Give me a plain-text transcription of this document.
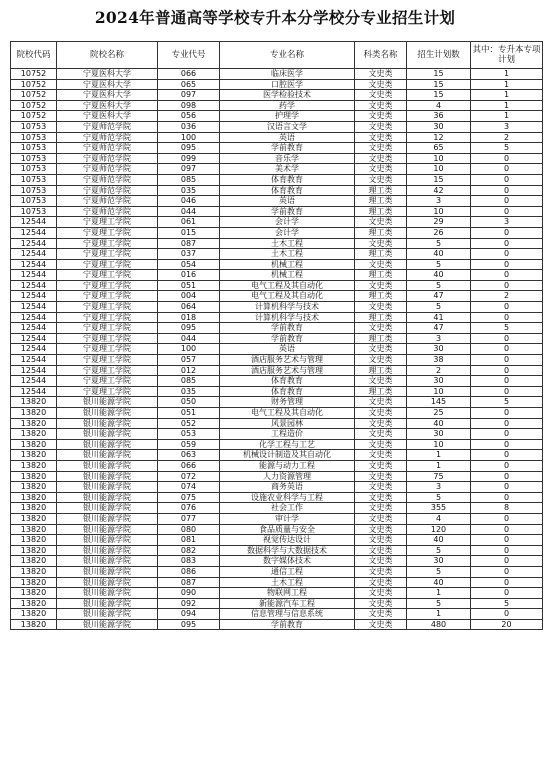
2024年普通高等学校专升本分学校分专业招生计划
院校代码	院校名称	专业代号	专业名称	科类名称	招生计划数	其中：专升本专项计划
10752	宁夏医科大学	066	临床医学	文史类	15	1
10752	宁夏医科大学	065	口腔医学	文史类	15	1
10752	宁夏医科大学	097	医学检验技术	文史类	15	1
10752	宁夏医科大学	098	药学	文史类	4	1
10752	宁夏医科大学	056	护理学	文史类	36	1
10753	宁夏师范学院	036	汉语言文学	文史类	30	3
10753	宁夏师范学院	100	英语	文史类	12	2
10753	宁夏师范学院	095	学前教育	文史类	65	5
10753	宁夏师范学院	099	音乐学	文史类	10	0
10753	宁夏师范学院	097	美术学	文史类	10	0
10753	宁夏师范学院	085	体育教育	文史类	15	0
10753	宁夏师范学院	035	体育教育	理工类	42	0
10753	宁夏师范学院	046	英语	理工类	3	0
10753	宁夏师范学院	044	学前教育	理工类	10	0
12544	宁夏理工学院	061	会计学	文史类	29	3
12544	宁夏理工学院	015	会计学	理工类	26	0
12544	宁夏理工学院	087	土木工程	文史类	5	0
12544	宁夏理工学院	037	土木工程	理工类	40	0
12544	宁夏理工学院	054	机械工程	文史类	5	0
12544	宁夏理工学院	016	机械工程	理工类	40	0
12544	宁夏理工学院	051	电气工程及其自动化	文史类	5	0
12544	宁夏理工学院	004	电气工程及其自动化	理工类	47	2
12544	宁夏理工学院	064	计算机科学与技术	文史类	5	0
12544	宁夏理工学院	018	计算机科学与技术	理工类	41	0
12544	宁夏理工学院	095	学前教育	文史类	47	5
12544	宁夏理工学院	044	学前教育	理工类	3	0
12544	宁夏理工学院	100	英语	文史类	30	0
12544	宁夏理工学院	057	酒店服务艺术与管理	文史类	38	0
12544	宁夏理工学院	012	酒店服务艺术与管理	理工类	2	0
12544	宁夏理工学院	085	体育教育	文史类	30	0
12544	宁夏理工学院	035	体育教育	理工类	10	0
13820	银川能源学院	050	财务管理	文史类	145	5
13820	银川能源学院	051	电气工程及其自动化	文史类	25	0
13820	银川能源学院	052	风景园林	文史类	40	0
13820	银川能源学院	053	工程造价	文史类	30	0
13820	银川能源学院	059	化学工程与工艺	文史类	10	0
13820	银川能源学院	063	机械设计制造及其自动化	文史类	1	0
13820	银川能源学院	066	能源与动力工程	文史类	1	0
13820	银川能源学院	072	人力资源管理	文史类	75	0
13820	银川能源学院	074	商务英语	文史类	3	0
13820	银川能源学院	075	设施农业科学与工程	文史类	5	0
13820	银川能源学院	076	社会工作	文史类	355	8
13820	银川能源学院	077	审计学	文史类	4	0
13820	银川能源学院	080	食品质量与安全	文史类	120	0
13820	银川能源学院	081	视觉传达设计	文史类	40	0
13820	银川能源学院	082	数据科学与大数据技术	文史类	5	0
13820	银川能源学院	083	数字媒体技术	文史类	30	0
13820	银川能源学院	086	通信工程	文史类	5	0
13820	银川能源学院	087	土木工程	文史类	40	0
13820	银川能源学院	090	物联网工程	文史类	1	0
13820	银川能源学院	092	新能源汽车工程	文史类	5	5
13820	银川能源学院	094	信息管理与信息系统	文史类	1	0
13820	银川能源学院	095	学前教育	文史类	480	20
